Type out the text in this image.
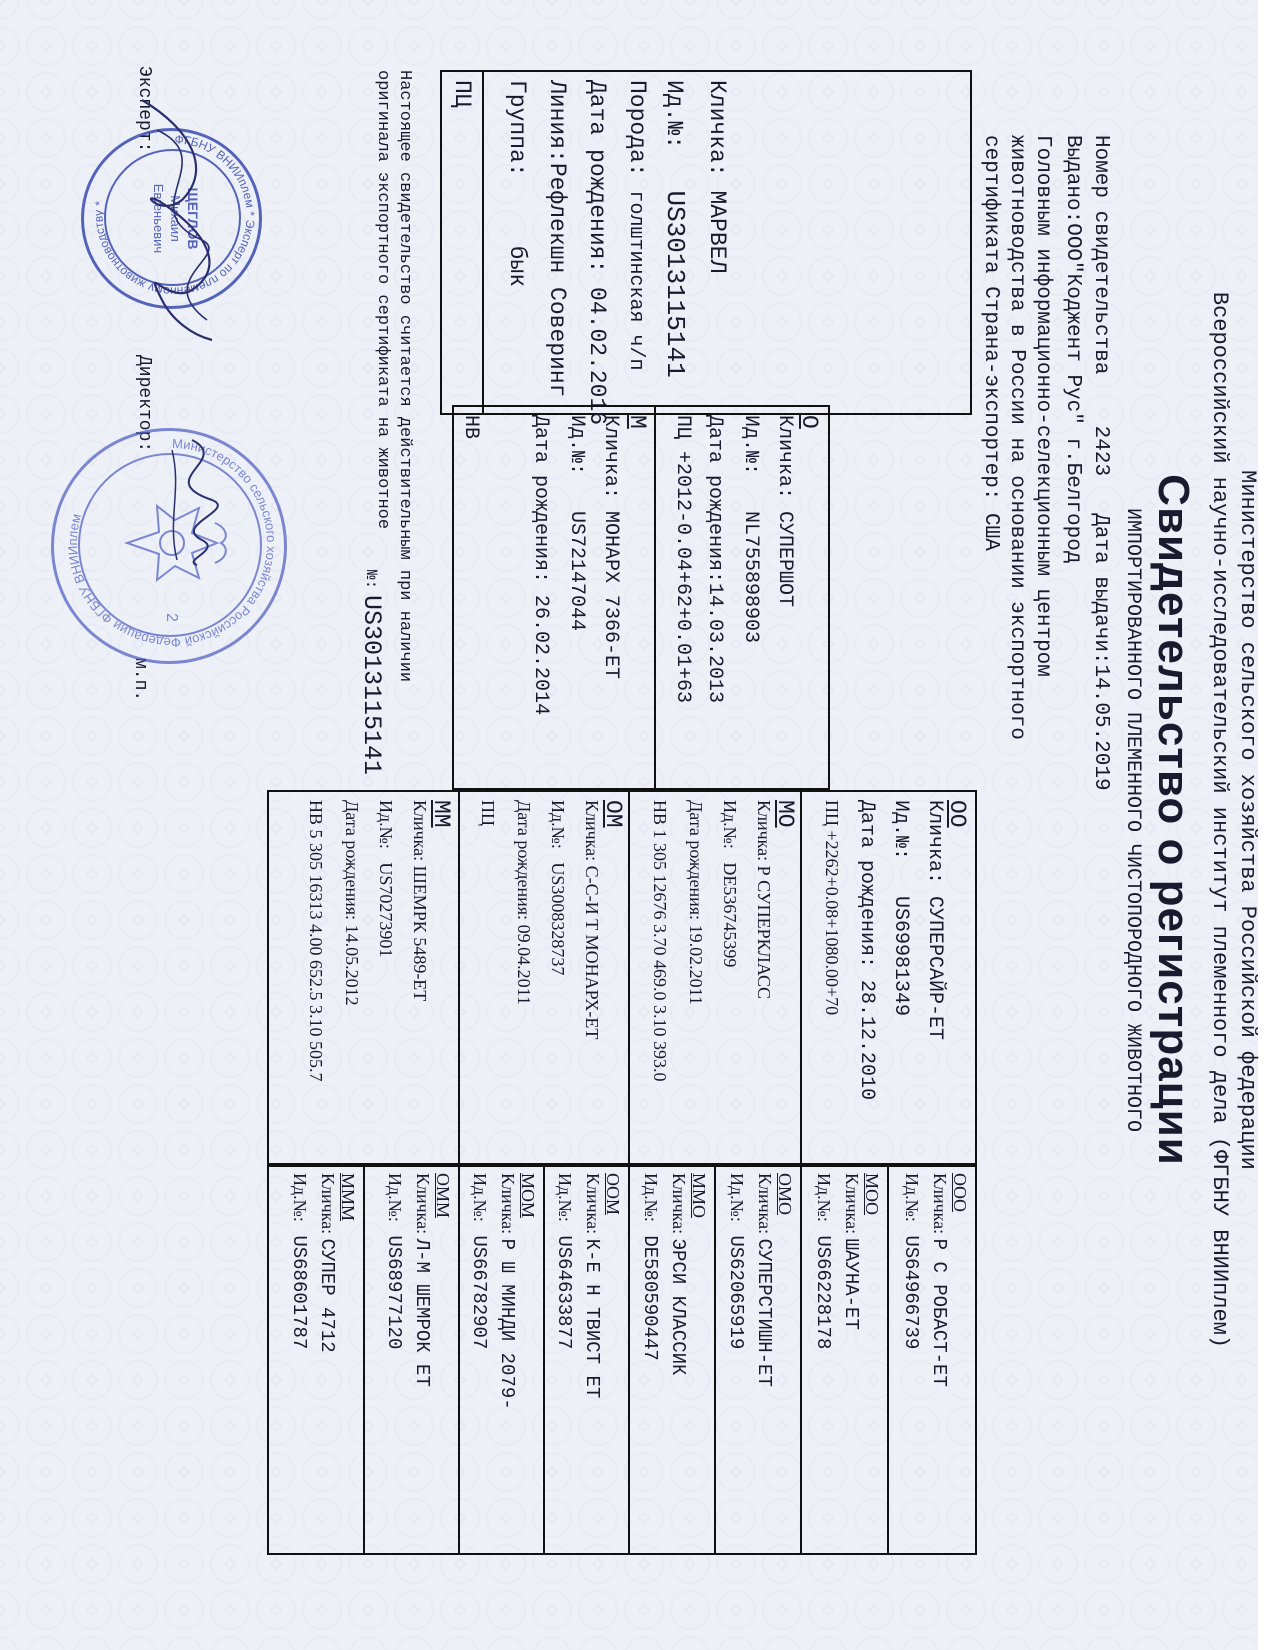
Министерство сельского хозяйства Российской федерации
Всероссийский научно-исследовательский институт племенного дела (ФГБНУ ВНИИплем)
Свидетельство о регистрации
ИМПОРТИРОВАННОГО ПЛЕМЕННОГО ЧИСТОПОРОДНОГО ЖИВОТНОГО
Номер свидетельства  2423  Дата выдачи:14.05.2019
Выдано:ООО"Коджент Рус" г.Белгород
Головным информационно-селекционным центром
животноводства в России на основании экспортного
сертификата Страна-экспортер: США
Кличка: МАРВЕЛ
Ид.№:   US3013115141
Порода: голштинская ч/п
Дата рождения: 04.02.2016
Линия:Рефлекшн Соверинг
Группа:     бык
ПЦ
О
Кличка: СУПЕРШОТ
Ид.№:   NL755898903
Дата рождения:14.03.2013
ПЦ +2012-0.04+62+0.01+63
М
Кличка: МОНАРХ 7366-ET
Ид.№:   US72147044
Дата рождения: 26.02.2014
НВ
ОО
Кличка: СУПЕРСАЙР-ET
Ид.№:   US69981349
Дата рождения: 28.12.2010
ПЦ +2262+0.08+1080.00+70
МО
Кличка: Р СУПЕРКЛАСС
Ид.№:   DE536745399
Дата рождения: 19.02.2011
НВ 1 305 12676 3.70 469.0 3.10 393.0
ОМ
Кличка: С-С-И Т МОНАРХ-ET
Ид.№:   US3008328737
Дата рождения: 09.04.2011
ПЦ
ММ
Кличка: ШЕМРК 5489-ET
Ид.№:   US70273901
Дата рождения: 14.05.2012
НВ 5 305 16313 4.00 652.5 3.10 505.7
ООО
Кличка: Р С РОБАСТ-ET
Ид.№:   US64966739
МОО
Кличка: ШАУНА-ET
Ид.№:   US66228178
ОМО
Кличка: СУПЕРСТИШН-ET
Ид.№:   US62065919
ММО
Кличка: ЭРСИ КЛАССИК
Ид.№:   DE580590447
ООМ
Кличка: К-Е Н ТВИСТ ET
Ид.№:   US64633877
МОМ
Кличка: Р Ш МИНДИ 2079-
Ид.№:   US66782907
ОММ
Кличка: Л-М ШЕМРОК ET
Ид.№:   US68977120
МММ
Кличка: СУПЕР 4712
Ид.№:   US68601787
Настоящее свидетельство считается действительным при наличии
оригинала экспортного сертификата на животное
№:
US3013115141
Эксперт:
Директор:
м.п.
ФГБНУ ВНИИплем * Эксперт по племенному животноводству *	ЩЕГЛОВ
Михаил
Евгеньевич
Министерство сельского хозяйства Российской Федерации ФГБНУ ВНИИплем
2
